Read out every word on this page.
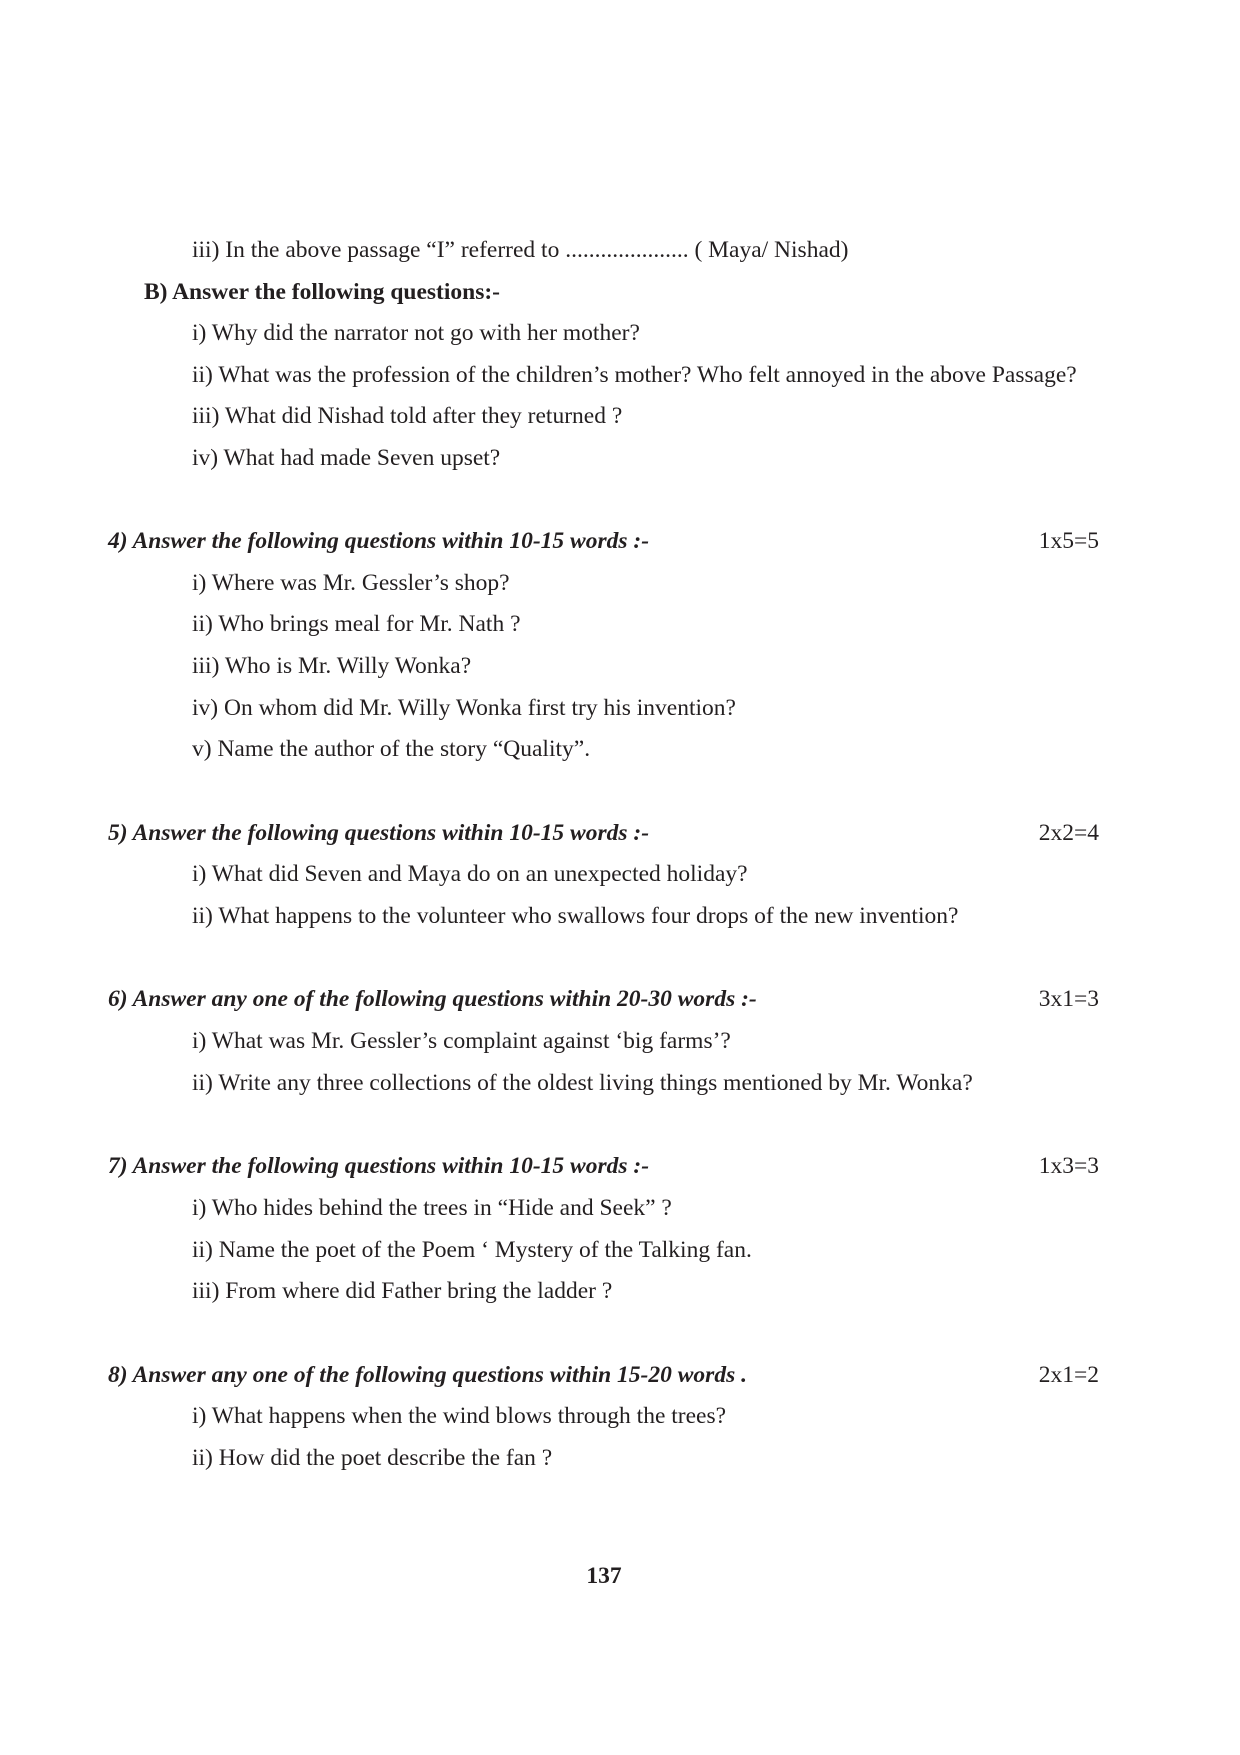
iii) In the above passage “I” referred to ..................... ( Maya/ Nishad)
B) Answer the following questions:-
i) Why did the narrator not go with her mother?
ii) What was the profession of the children’s mother? Who felt annoyed in the above Passage?
iii) What did Nishad told after they returned ?
iv) What had made Seven upset?
4) Answer the following questions within 10-15 words :-	1x5=5
i) Where was Mr. Gessler’s shop?
ii) Who brings meal for Mr. Nath ?
iii) Who is Mr. Willy Wonka?
iv) On whom did Mr. Willy Wonka first try his invention?
v) Name the author of the story “Quality”.
5) Answer the following questions within 10-15 words :-	2x2=4
i) What did Seven and Maya do on an unexpected holiday?
ii) What happens to the volunteer who swallows four drops of the new invention?
6) Answer any one of the following questions within 20-30 words :-	3x1=3
i) What was Mr. Gessler’s complaint against ‘big farms’?
ii) Write any three collections of the oldest living things mentioned by Mr. Wonka?
7) Answer the following questions within 10-15 words :-	1x3=3
i) Who hides behind the trees in “Hide and Seek” ?
ii) Name the poet of the Poem ‘ Mystery of the Talking fan.
iii) From where did Father bring the ladder ?
8) Answer any one of the following questions within 15-20 words .	2x1=2
i) What happens when the wind blows through the trees?
ii) How did the poet describe the fan ?
137
